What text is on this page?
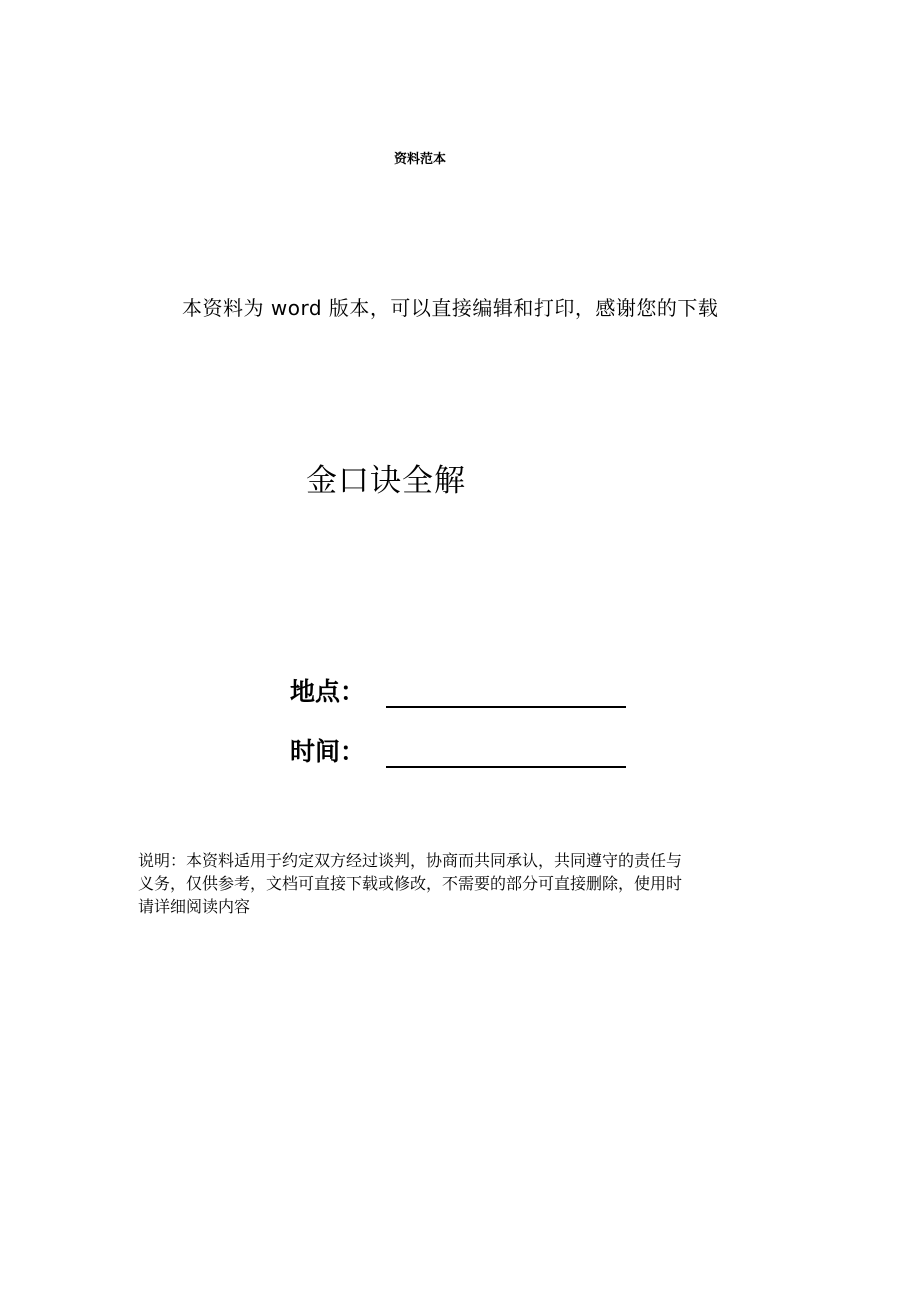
资料范本
本资料为 word 版本，可以直接编辑和打印，感谢您的下载
金口诀全解
地点：
时间：
说明：本资料适用于约定双方经过谈判，协商而共同承认，共同遵守的责任与
义务，仅供参考，文档可直接下载或修改，不需要的部分可直接删除，使用时
请详细阅读内容
